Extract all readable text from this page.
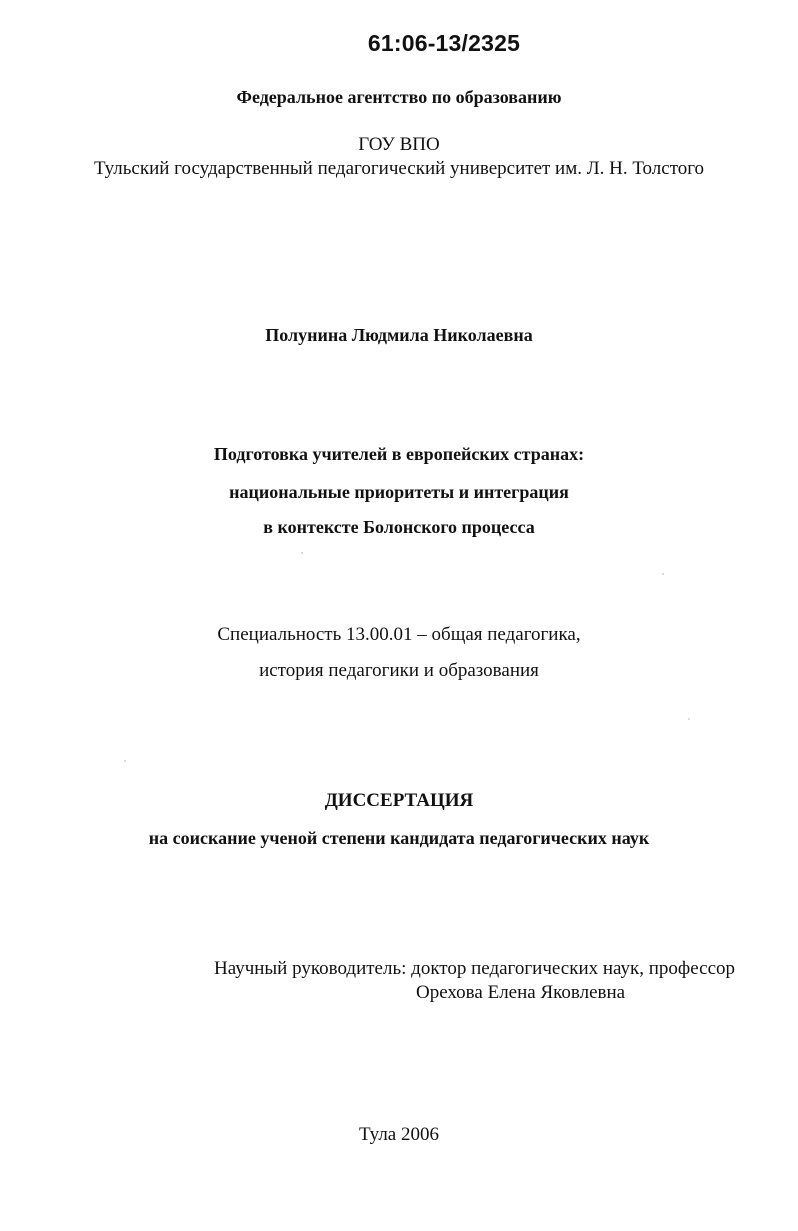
61:06-13/2325
Федеральное агентство по образованию
ГОУ ВПО
Тульский государственный педагогический университет им. Л. Н. Толстого
Полунина Людмила Николаевна
Подготовка учителей в европейских странах:
национальные приоритеты и интеграция
в контексте Болонского процесса
Специальность 13.00.01 – общая педагогика,
история педагогики и образования
ДИССЕРТАЦИЯ
на соискание ученой степени кандидата педагогических наук
Научный руководитель: доктор педагогических наук, профессор
Орехова Елена Яковлевна
Тула 2006
